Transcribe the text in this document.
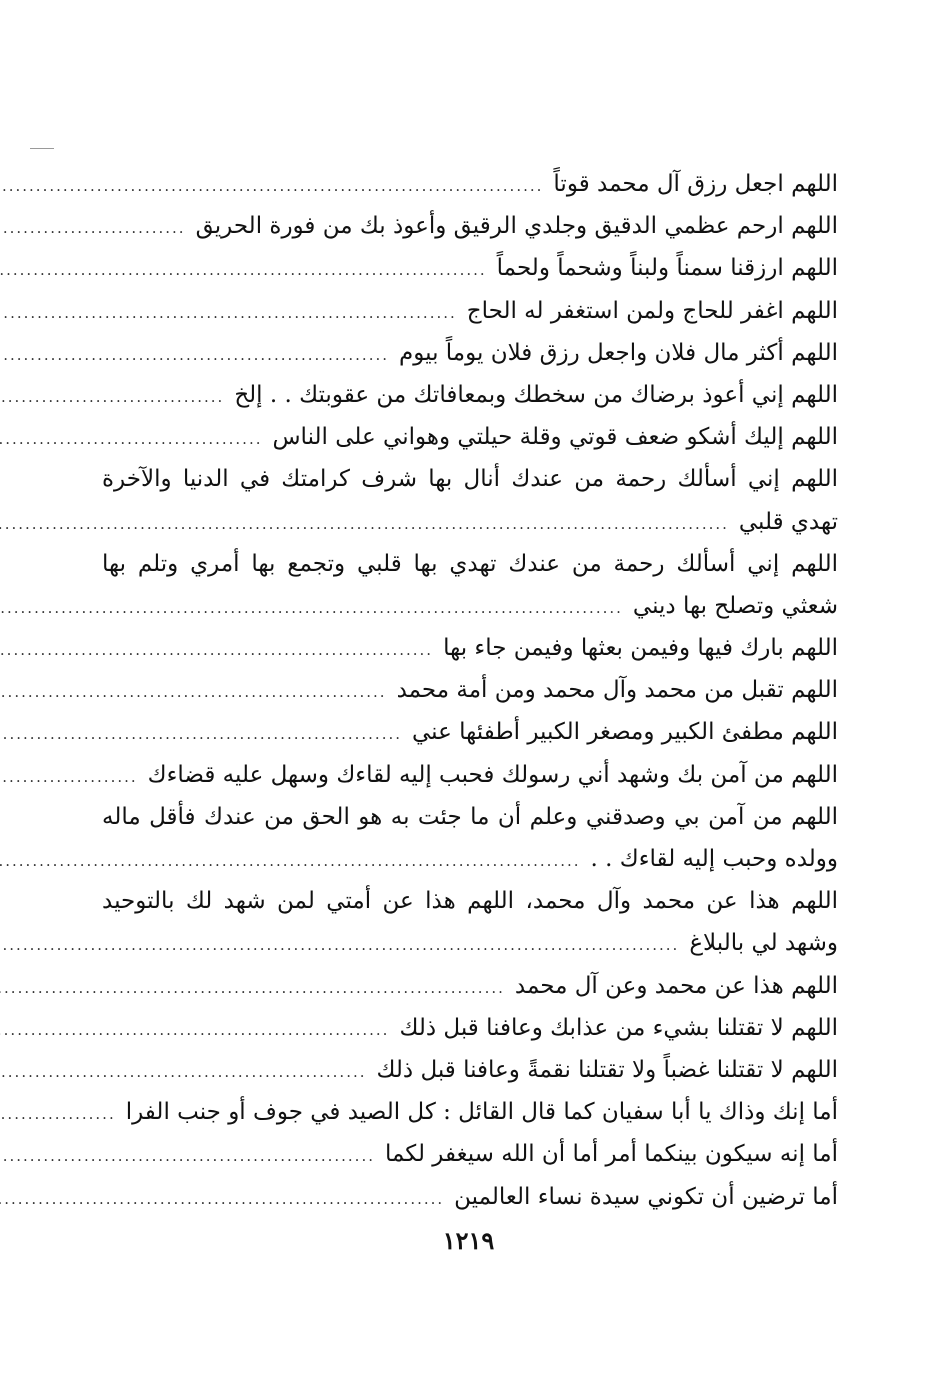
اللهم اجعل رزق آل محمد قوتاً
.....
اللهم ارحم عظمي الدقيق وجلدي الرقيق وأعوذ بك من فورة الحريق
.....
اللهم ارزقنا سمناً ولبناً وشحماً ولحماً
.....
اللهم اغفر للحاج ولمن استغفر له الحاج
.....
اللهم أكثر مال فلان واجعل رزق فلان يوماً بيوم
.....
اللهم إني أعوذ برضاك من سخطك وبمعافاتك من عقوبتك . . إلخ
.....
اللهم إليك أشكو ضعف قوتي وقلة حيلتي وهواني على الناس
.....
اللهم إني أسألك رحمة من عندك أنال بها شرف كرامتك في الدنيا والآخرة
تهدي قلبي
.....
اللهم إني أسألك رحمة من عندك تهدي بها قلبي وتجمع بها أمري وتلم بها
شعثي وتصلح بها ديني
.....
اللهم بارك فيها وفيمن بعثها وفيمن جاء بها
.....
اللهم تقبل من محمد وآل محمد ومن أمة محمد
.....
اللهم مطفئ الكبير ومصغر الكبير أطفئها عني
.....
اللهم من آمن بك وشهد أني رسولك فحبب إليه لقاءك وسهل عليه قضاءك
.....
اللهم من آمن بي وصدقني وعلم أن ما جئت به هو الحق من عندك فأقل ماله
وولده وحبب إليه لقاءك . .
.....
اللهم هذا عن محمد وآل محمد، اللهم هذا عن أمتي لمن شهد لك بالتوحيد
وشهد لي بالبلاغ
.....
اللهم هذا عن محمد وعن آل محمد
.....
اللهم لا تقتلنا بشيء من عذابك وعافنا قبل ذلك
.....
اللهم لا تقتلنا غضباً ولا تقتلنا نقمةً وعافنا قبل ذلك
.....
أما إنك وذاك يا أبا سفيان كما قال القائل : كل الصيد في جوف أو جنب الفرا
.....
أما إنه سيكون بينكما أمر أما أن الله سيغفر لكما
.....
أما ترضين أن تكوني سيدة نساء العالمين
.....
١٢١٩
